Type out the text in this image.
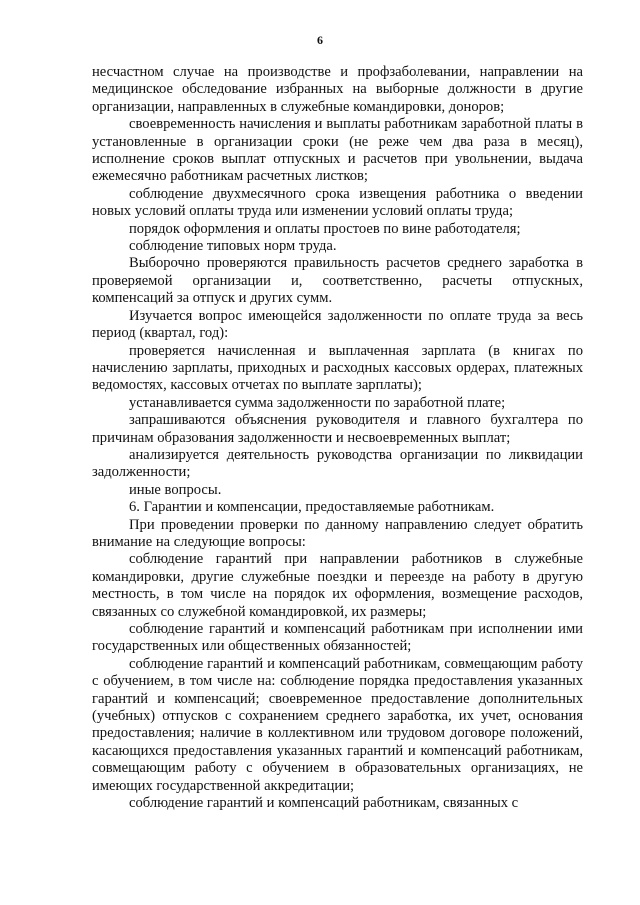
6

несчастном случае на производстве и профзаболевании, направлении на медицинское обследование избранных на выборные должности в другие организации, направленных в служебные командировки, доноров;

своевременность начисления и выплаты работникам заработной платы в установленные в организации сроки (не реже чем два раза в месяц), исполнение сроков выплат отпускных и расчетов при увольнении, выдача ежемесячно работникам расчетных листков;

соблюдение двухмесячного срока извещения работника о введении новых условий оплаты труда или изменении условий оплаты труда;

порядок оформления и оплаты простоев по вине работодателя;

соблюдение типовых норм труда.

Выборочно проверяются правильность расчетов среднего заработка в проверяемой организации и, соответственно, расчеты отпускных, компенсаций за отпуск и других сумм.

Изучается вопрос имеющейся задолженности по оплате труда за весь период (квартал, год):

проверяется начисленная и выплаченная зарплата (в книгах по начислению зарплаты, приходных и расходных кассовых ордерах, платежных ведомостях, кассовых отчетах по выплате зарплаты);

устанавливается сумма задолженности по заработной плате;

запрашиваются объяснения руководителя и главного бухгалтера по причинам образования задолженности и несвоевременных выплат;

анализируется деятельность руководства организации по ликвидации задолженности;

иные вопросы.

6. Гарантии и компенсации, предоставляемые работникам.

При проведении проверки по данному направлению следует обратить внимание на следующие вопросы:

соблюдение гарантий при направлении работников в служебные командировки, другие служебные поездки и переезде на работу в другую местность, в том числе на порядок их оформления, возмещение расходов, связанных со служебной командировкой, их размеры;

соблюдение гарантий и компенсаций работникам при исполнении ими государственных или общественных обязанностей;

соблюдение гарантий и компенсаций работникам, совмещающим работу с обучением, в том числе на: соблюдение порядка предоставления указанных гарантий и компенсаций; своевременное предоставление дополнительных (учебных) отпусков с сохранением среднего заработка, их учет, основания предоставления; наличие в коллективном или трудовом договоре положений, касающихся предоставления указанных гарантий и компенсаций работникам, совмещающим работу с обучением в образовательных организациях, не имеющих государственной аккредитации;

соблюдение гарантий и компенсаций работникам, связанных с
